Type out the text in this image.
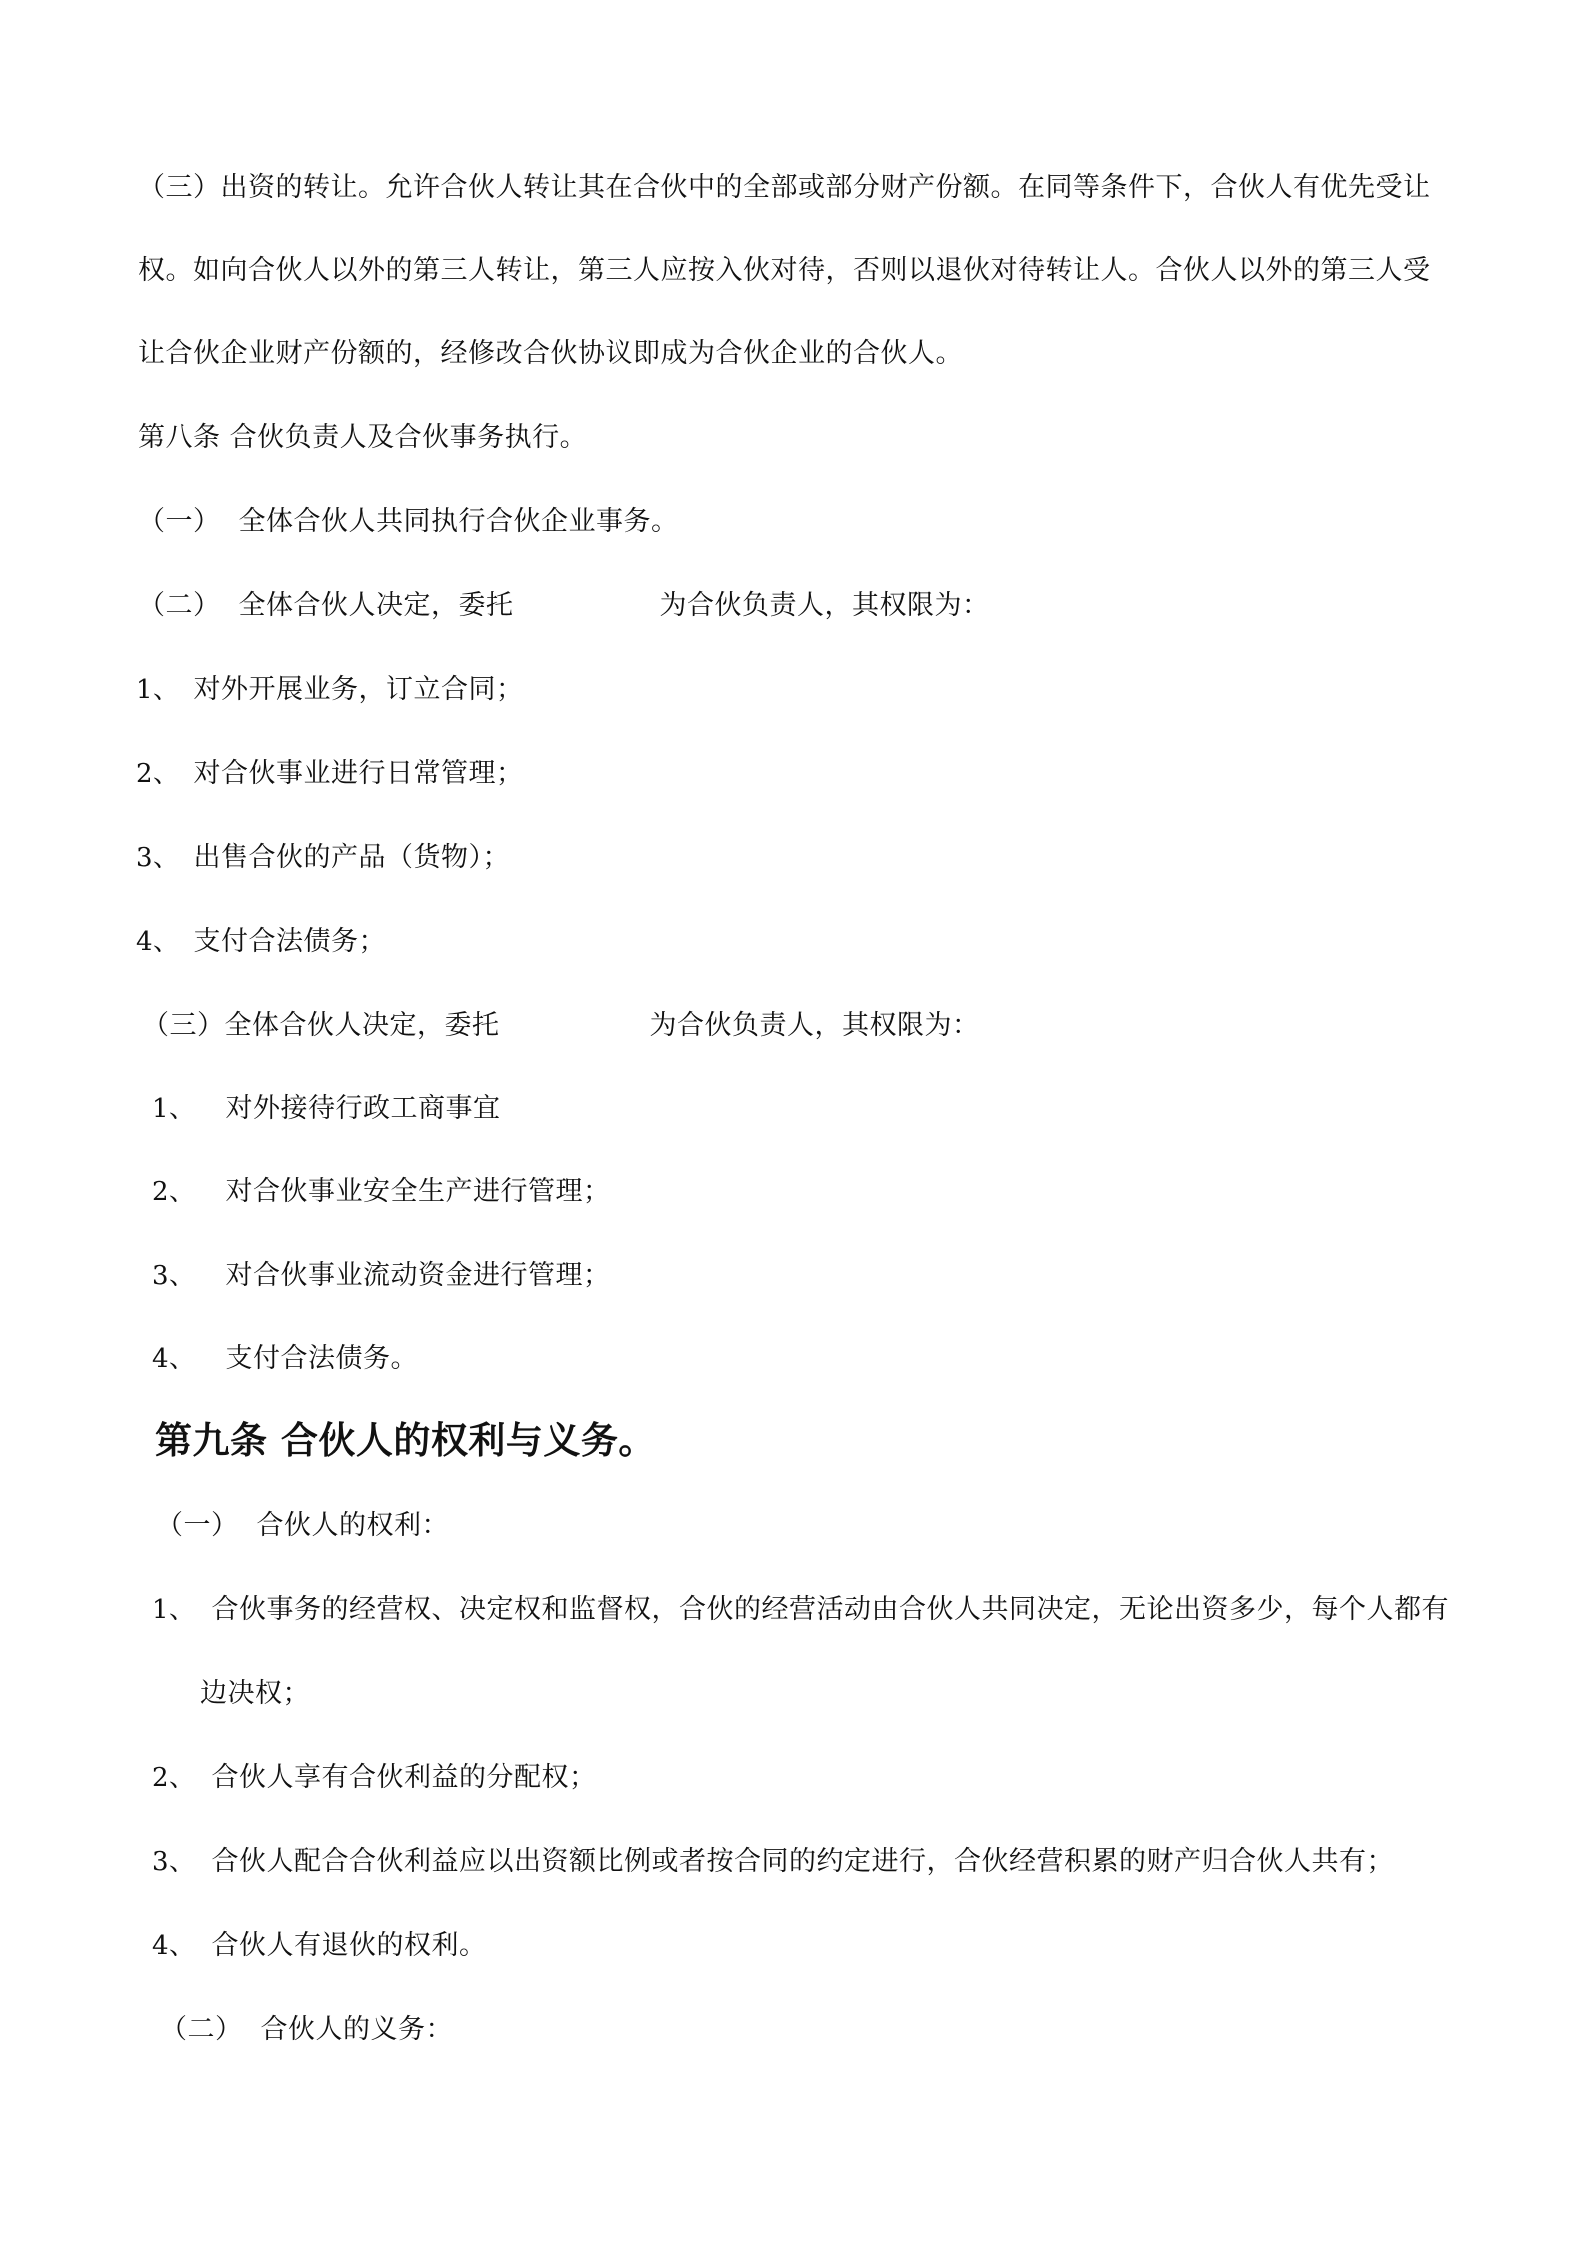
（三）出资的转让。允许合伙人转让其在合伙中的全部或部分财产份额。在同等条件下，合伙人有优先受让
权。如向合伙人以外的第三人转让，第三人应按入伙对待，否则以退伙对待转让人。合伙人以外的第三人受
让合伙企业财产份额的，经修改合伙协议即成为合伙企业的合伙人。
第八条 合伙负责人及合伙事务执行。
（一） 全体合伙人共同执行合伙企业事务。
（二） 全体合伙人决定，委托	为合伙负责人，其权限为：
1、 对外开展业务，订立合同；
2、 对合伙事业进行日常管理；
3、 出售合伙的产品（货物）；
4、 支付合法债务；
（三）全体合伙人决定，委托	为合伙负责人，其权限为：
1、 对外接待行政工商事宜
2、 对合伙事业安全生产进行管理；
3、 对合伙事业流动资金进行管理；
4、 支付合法债务。
第九条 合伙人的权利与义务。
（一） 合伙人的权利：
1、 合伙事务的经营权、决定权和监督权，合伙的经营活动由合伙人共同决定，无论出资多少，每个人都有
边决权；
2、 合伙人享有合伙利益的分配权；
3、 合伙人配合合伙利益应以出资额比例或者按合同的约定进行，合伙经营积累的财产归合伙人共有；
4、 合伙人有退伙的权利。
（二） 合伙人的义务：
